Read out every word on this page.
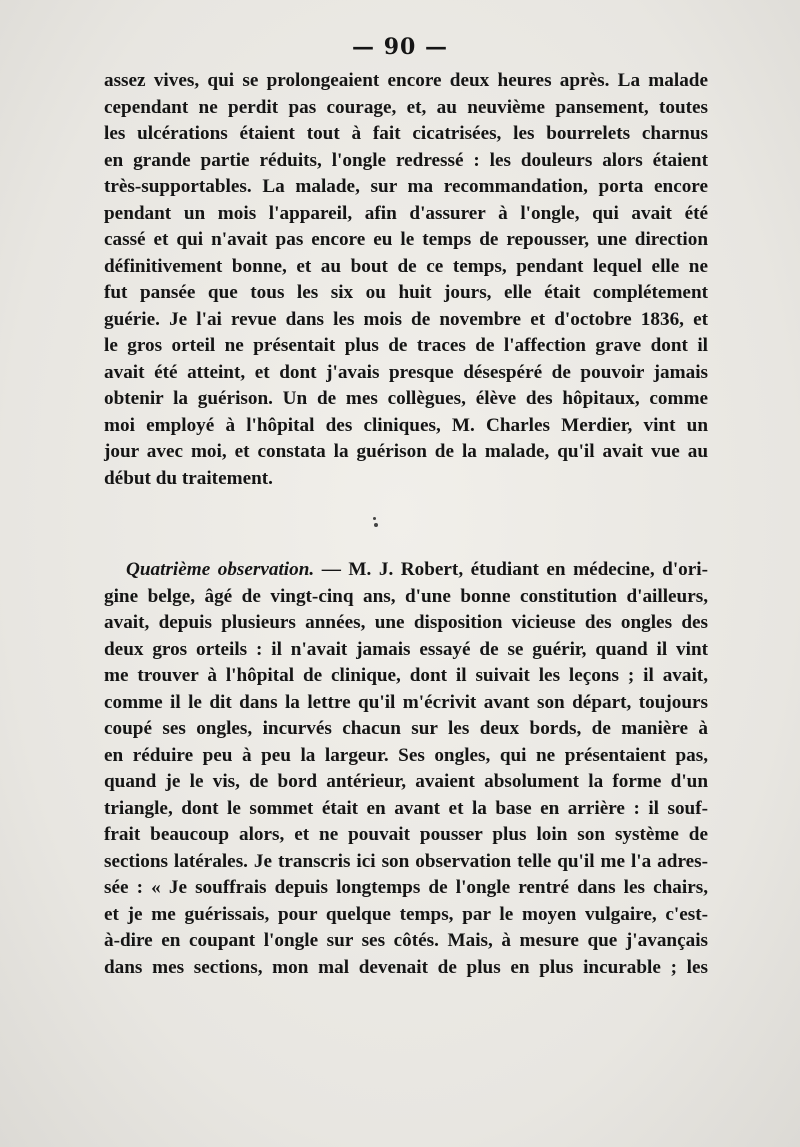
— 90 —
assez vives, qui se prolongeaient encore deux heures après. La malade
cependant ne perdit pas courage, et, au neuvième pansement, toutes
les ulcérations étaient tout à fait cicatrisées, les bourrelets charnus
en grande partie réduits, l'ongle redressé : les douleurs alors étaient
très-supportables. La malade, sur ma recommandation, porta encore
pendant un mois l'appareil, afin d'assurer à l'ongle, qui avait été
cassé et qui n'avait pas encore eu le temps de repousser, une direction
définitivement bonne, et au bout de ce temps, pendant lequel elle ne
fut pansée que tous les six ou huit jours, elle était complétement
guérie. Je l'ai revue dans les mois de novembre et d'octobre 1836, et
le gros orteil ne présentait plus de traces de l'affection grave dont il
avait été atteint, et dont j'avais presque désespéré de pouvoir jamais
obtenir la guérison. Un de mes collègues, élève des hôpitaux, comme
moi employé à l'hôpital des cliniques, M. Charles Merdier, vint un
jour avec moi, et constata la guérison de la malade, qu'il avait vue au
début du traitement.
Quatrième observation. — M. J. Robert, étudiant en médecine, d'ori-
gine belge, âgé de vingt-cinq ans, d'une bonne constitution d'ailleurs,
avait, depuis plusieurs années, une disposition vicieuse des ongles des
deux gros orteils : il n'avait jamais essayé de se guérir, quand il vint
me trouver à l'hôpital de clinique, dont il suivait les leçons ; il avait,
comme il le dit dans la lettre qu'il m'écrivit avant son départ, toujours
coupé ses ongles, incurvés chacun sur les deux bords, de manière à
en réduire peu à peu la largeur. Ses ongles, qui ne présentaient pas,
quand je le vis, de bord antérieur, avaient absolument la forme d'un
triangle, dont le sommet était en avant et la base en arrière : il souf-
frait beaucoup alors, et ne pouvait pousser plus loin son système de
sections latérales. Je transcris ici son observation telle qu'il me l'a adres-
sée : « Je souffrais depuis longtemps de l'ongle rentré dans les chairs,
et je me guérissais, pour quelque temps, par le moyen vulgaire, c'est-
à-dire en coupant l'ongle sur ses côtés. Mais, à mesure que j'avançais
dans mes sections, mon mal devenait de plus en plus incurable ; les
